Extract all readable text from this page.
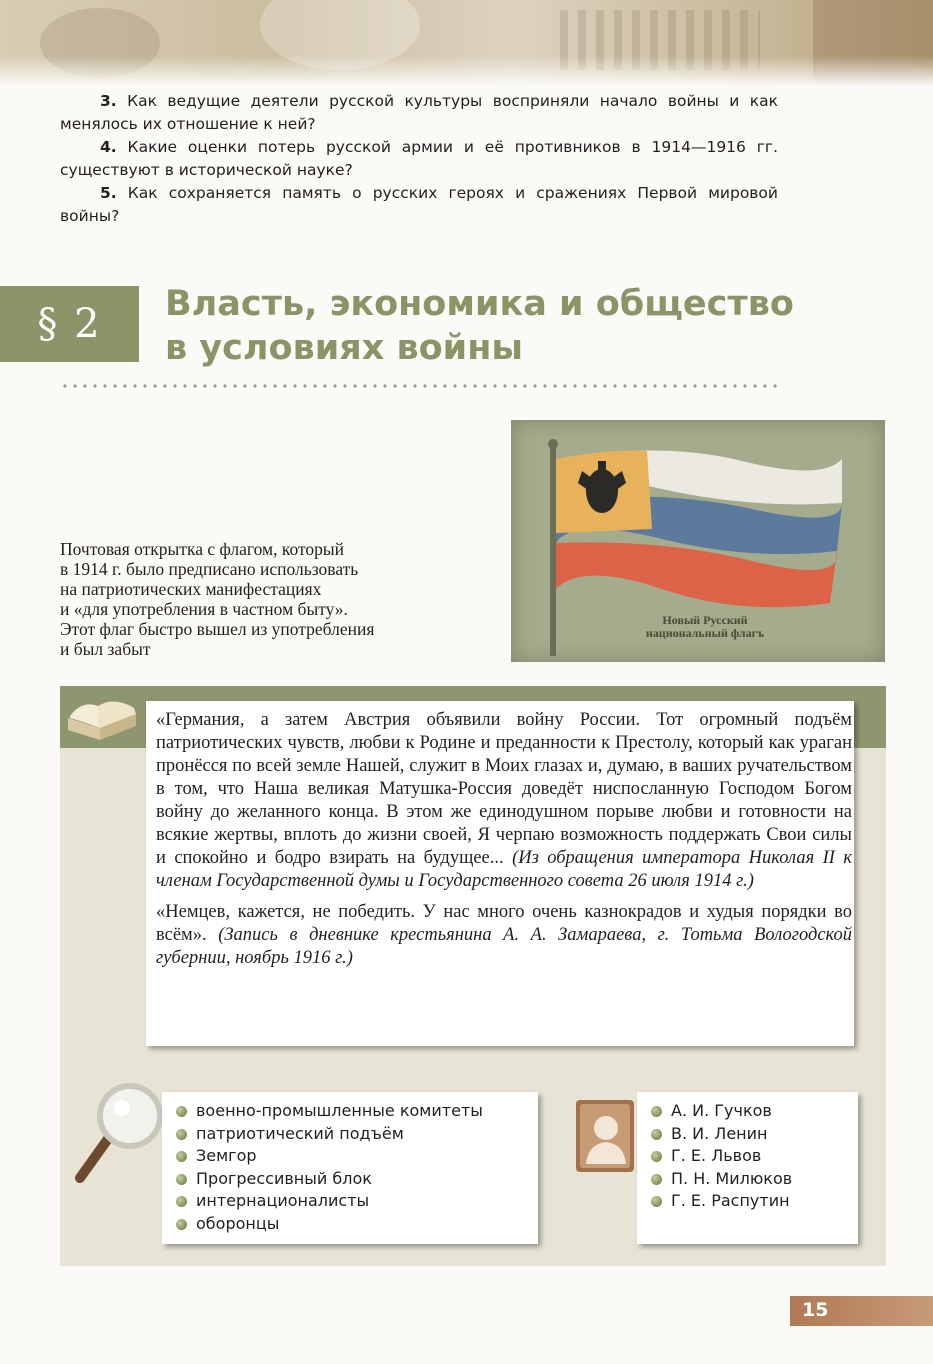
3. Как ведущие деятели русской культуры восприняли начало войны и как менялось их отношение к ней?

4. Какие оценки потерь русской армии и её противников в 1914—1916 гг. существуют в исторической науке?

5. Как сохраняется память о русских героях и сражениях Первой мировой войны?

§ 2	Власть, экономика и общество
в условиях войны
Почтовая открытка с флагом, который
в 1914 г. было предписано использовать
на патриотических манифестациях
и «для употребления в частном быту».
Этот флаг быстро вышел из употребления
и был забыт
Новый Русский
национальный флагъ

«Германия, а затем Австрия объявили войну России. Тот огромный подъём патриотических чувств, любви к Родине и преданности к Престолу, который как ураган пронёсся по всей земле Нашей, служит в Моих глазах и, думаю, в ваших ручательством в том, что Наша великая Матушка-Россия доведёт ниспосланную Господом Богом войну до желанного конца. В этом же единодушном порыве любви и готовности на всякие жертвы, вплоть до жизни своей, Я черпаю возможность поддержать Свои силы и спокойно и бодро взирать на будущее... (Из обращения императора Николая II к членам Государственной думы и Государственного совета 26 июля 1914 г.)

«Немцев, кажется, не победить. У нас много очень казнокрадов и худыя порядки во всём». (Запись в дневнике крестьянина А. А. Замараева, г. Тотьма Вологодской губернии, ноябрь 1916 г.)

военно-промышленные комитеты
патриотический подъём
Земгор
Прогрессивный блок
интернационалисты
оборонцы
А. И. Гучков
В. И. Ленин
Г. Е. Львов
П. Н. Милюков
Г. Е. Распутин
15
